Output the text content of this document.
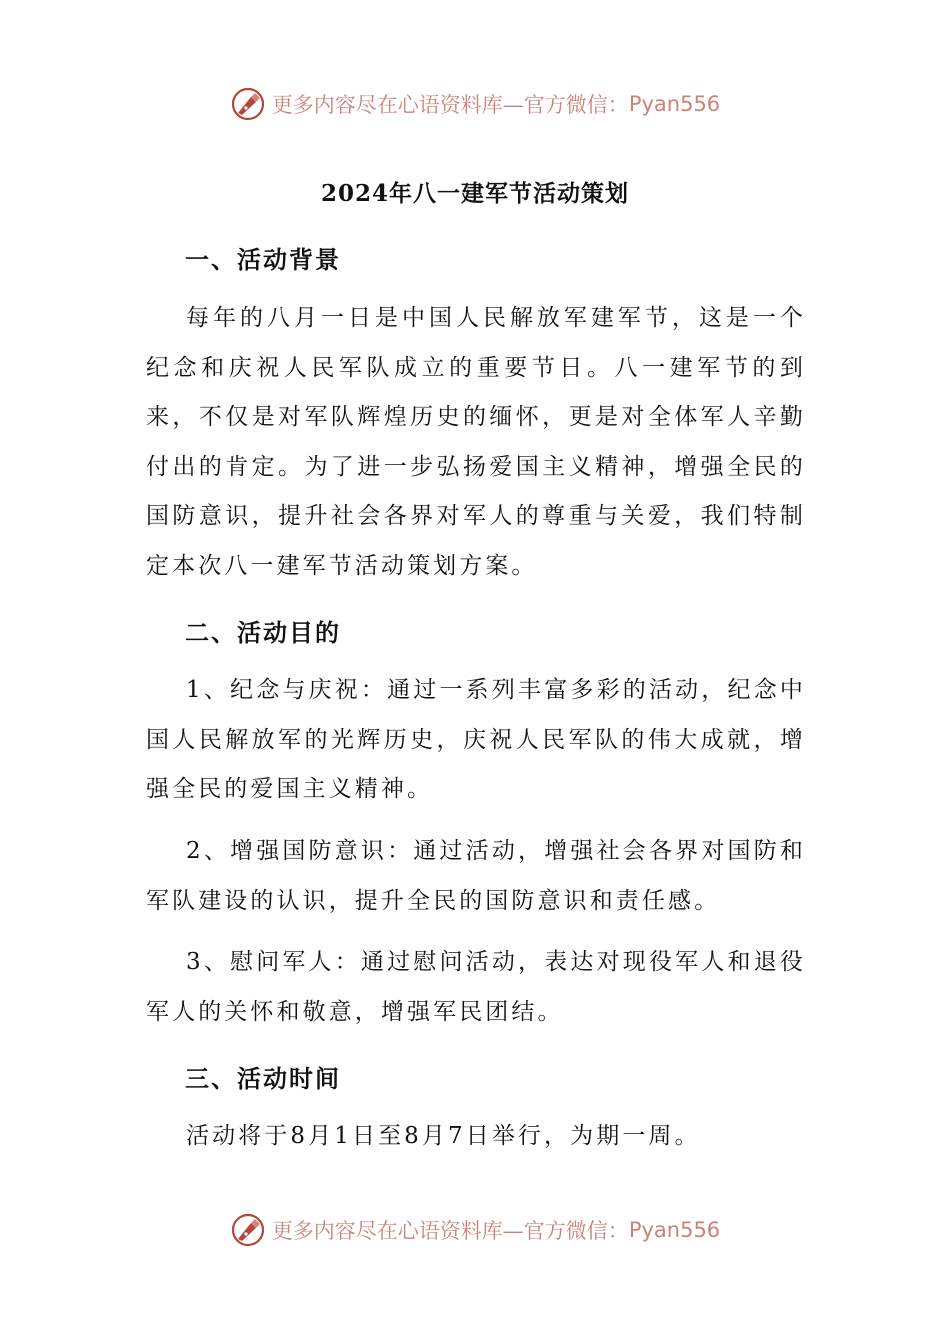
更多内容尽在心语资料库—官方微信： Pyan556
2024年八一建军节活动策划
一、活动背景

每年的八月一日是中国人民解放军建军节，这是一个纪念和庆祝人民军队成立的重要节日。八一建军节的到来，不仅是对军队辉煌历史的缅怀，更是对全体军人辛勤付出的肯定。为了进一步弘扬爱国主义精神，增强全民的国防意识，提升社会各界对军人的尊重与关爱，我们特制定本次八一建军节活动策划方案。

二、活动目的

1、纪念与庆祝：通过一系列丰富多彩的活动，纪念中国人民解放军的光辉历史，庆祝人民军队的伟大成就，增强全民的爱国主义精神。

2、增强国防意识：通过活动，增强社会各界对国防和军队建设的认识，提升全民的国防意识和责任感。

3、慰问军人：通过慰问活动，表达对现役军人和退役军人的关怀和敬意，增强军民团结。

三、活动时间

活动将于8月1日至8月7日举行，为期一周。

更多内容尽在心语资料库—官方微信： Pyan556
